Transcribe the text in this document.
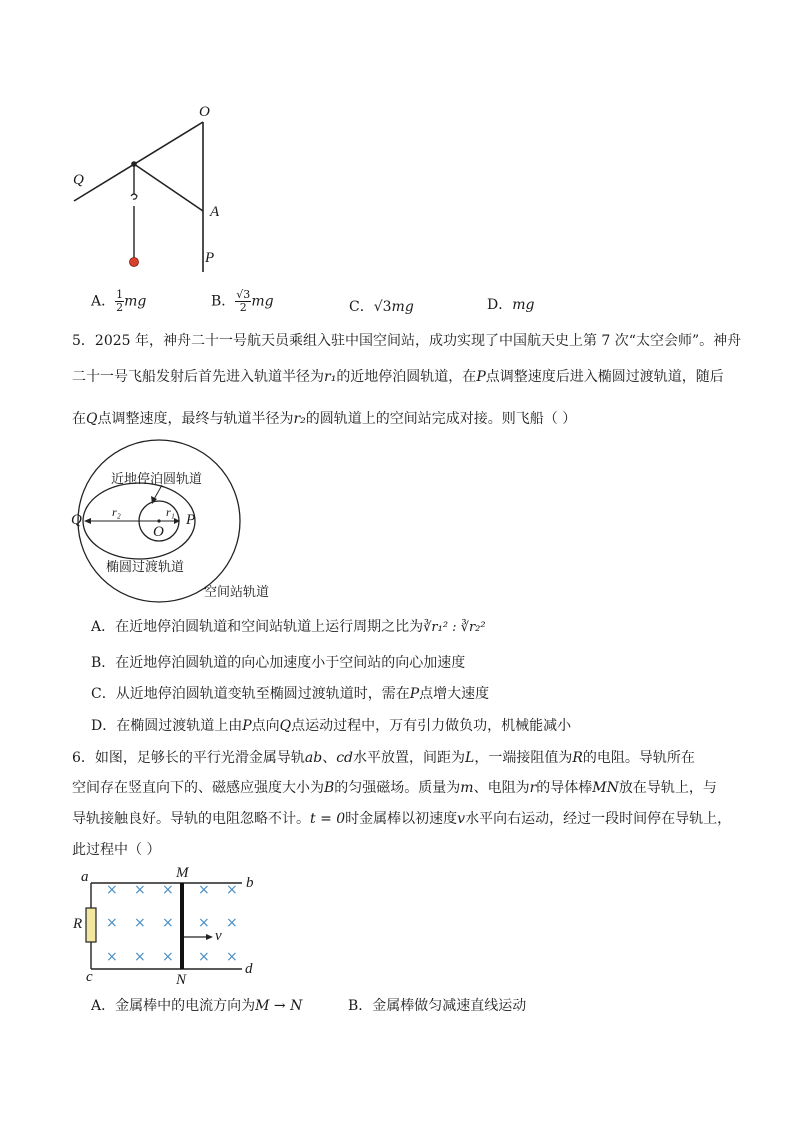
O
Q
A
P
A． $\frac{1}{2}$ mg	B． $\frac{√3}{2}$ mg	C．√3mg	D．mg
5．2025 年，神舟二十一号航天员乘组入驻中国空间站，成功实现了中国航天史上第 7 次“太空会师”。神舟
二十一号飞船发射后首先进入轨道半径为r₁的近地停泊圆轨道，在P点调整速度后进入椭圆过渡轨道，随后
在Q点调整速度，最终与轨道半径为r₂的圆轨道上的空间站完成对接。则飞船（ ）
近地停泊圆轨道
椭圆过渡轨道
空间站轨道
Q	P
O
r₂	r₁
A．在近地停泊圆轨道和空间站轨道上运行周期之比为∛r₁² : ∛r₂²
B．在近地停泊圆轨道的向心加速度小于空间站的向心加速度
C．从近地停泊圆轨道变轨至椭圆过渡轨道时，需在P点增大速度
D．在椭圆过渡轨道上由P点向Q点运动过程中，万有引力做负功，机械能减小
6．如图，足够长的平行光滑金属导轨ab、cd水平放置，间距为L，一端接阻值为R的电阻。导轨所在
空间存在竖直向下的、磁感应强度大小为B的匀强磁场。质量为m、电阻为r的导体棒MN放在导轨上，与
导轨接触良好。导轨的电阻忽略不计。t = 0时金属棒以初速度v水平向右运动，经过一段时间停在导轨上，
此过程中（ ）
a	b
c	d
M
N
R
v
× × × × ×
× × × × ×
× × × × ×
A．金属棒中的电流方向为M → N	B．金属棒做匀减速直线运动
